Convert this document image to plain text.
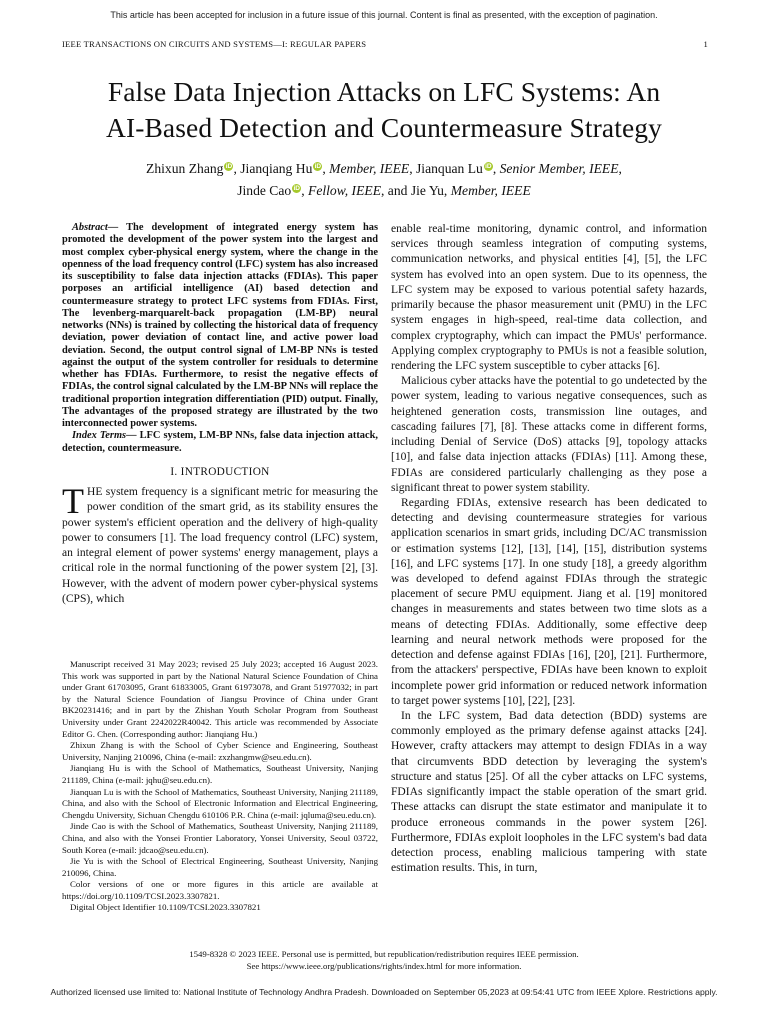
This article has been accepted for inclusion in a future issue of this journal. Content is final as presented, with the exception of pagination.
IEEE TRANSACTIONS ON CIRCUITS AND SYSTEMS—I: REGULAR PAPERS	1
False Data Injection Attacks on LFC Systems: An
AI-Based Detection and Countermeasure Strategy
Zhixun Zhang iD, Jianqiang Hu iD, Member, IEEE, Jianquan Lu iD, Senior Member, IEEE,
Jinde Cao iD, Fellow, IEEE, and Jie Yu, Member, IEEE

Abstract— The development of integrated energy system has promoted the development of the power system into the largest and most complex cyber-physical energy system, where the change in the openness of the load frequency control (LFC) system has also increased its susceptibility to false data injection attacks (FDIAs). This paper porposes an artificial intelligence (AI) based detection and countermeasure strategy to protect LFC systems from FDIAs. First, The levenberg-marquarelt-back propagation (LM-BP) neural networks (NNs) is trained by collecting the historical data of frequency deviation, power deviation of contact line, and active power load deviation. Second, the output control signal of LM-BP NNs is tested against the output of the system controller for residuals to determine whether has FDIAs. Furthermore, to resist the negative effects of FDIAs, the control signal calculated by the LM-BP NNs will replace the traditional proportion integration differentiation (PID) output. Finally, The advantages of the proposed strategy are illustrated by the two interconnected power systems.

Index Terms— LFC system, LM-BP NNs, false data injection attack, detection, countermeasure.

I. INTRODUCTION

THE system frequency is a significant metric for measuring the power condition of the smart grid, as its stability ensures the power system's efficient operation and the delivery of high-quality power to consumers [1]. The load frequency control (LFC) system, an integral element of power systems' energy management, plays a critical role in the normal functioning of the power system [2], [3]. However, with the advent of modern power cyber-physical systems (CPS), which

Manuscript received 31 May 2023; revised 25 July 2023; accepted 16 August 2023. This work was supported in part by the National Natural Science Foundation of China under Grant 61703095, Grant 61833005, Grant 61973078, and Grant 51977032; in part by the Natural Science Foundation of Jiangsu Province of China under Grant BK20231416; and in part by the Zhishan Youth Scholar Program from Southeast University under Grant 2242022R40042. This article was recommended by Associate Editor G. Chen. (Corresponding author: Jianqiang Hu.)

Zhixun Zhang is with the School of Cyber Science and Engineering, Southeast University, Nanjing 210096, China (e-mail: zxzhangmw@seu.edu.cn).

Jianqiang Hu is with the School of Mathematics, Southeast University, Nanjing 211189, China (e-mail: jqhu@seu.edu.cn).

Jianquan Lu is with the School of Mathematics, Southeast University, Nanjing 211189, China, and also with the School of Electronic Information and Electrical Engineering, Chengdu University, Sichuan Chengdu 610106 P.R. China (e-mail: jqluma@seu.edu.cn).

Jinde Cao is with the School of Mathematics, Southeast University, Nanjing 211189, China, and also with the Yonsei Frontier Laboratory, Yonsei University, Seoul 03722, South Korea (e-mail: jdcao@seu.edu.cn).

Jie Yu is with the School of Electrical Engineering, Southeast University, Nanjing 210096, China.

Color versions of one or more figures in this article are available at https://doi.org/10.1109/TCSI.2023.3307821.

Digital Object Identifier 10.1109/TCSI.2023.3307821

enable real-time monitoring, dynamic control, and information services through seamless integration of computing systems, communication networks, and physical entities [4], [5], the LFC system has evolved into an open system. Due to its openness, the LFC system may be exposed to various potential safety hazards, primarily because the phasor measurement unit (PMU) in the LFC system engages in high-speed, real-time data collection, and complex cryptography, which can impact the PMUs' performance. Applying complex cryptography to PMUs is not a feasible solution, rendering the LFC system susceptible to cyber attacks [6].

Malicious cyber attacks have the potential to go undetected by the power system, leading to various negative consequences, such as heightened generation costs, transmission line outages, and cascading failures [7], [8]. These attacks come in different forms, including Denial of Service (DoS) attacks [9], topology attacks [10], and false data injection attacks (FDIAs) [11]. Among these, FDIAs are considered particularly challenging as they pose a significant threat to power system stability.

Regarding FDIAs, extensive research has been dedicated to detecting and devising countermeasure strategies for various application scenarios in smart grids, including DC/AC transmission or estimation systems [12], [13], [14], [15], distribution systems [16], and LFC systems [17]. In one study [18], a greedy algorithm was developed to defend against FDIAs through the strategic placement of secure PMU equipment. Jiang et al. [19] monitored changes in measurements and states between two time slots as a means of detecting FDIAs. Additionally, some effective deep learning and neural network methods were proposed for the detection and defense against FDIAs [16], [20], [21]. Furthermore, from the attackers' perspective, FDIAs have been known to exploit incomplete power grid information or reduced network information to target power systems [10], [22], [23].

In the LFC system, Bad data detection (BDD) systems are commonly employed as the primary defense against attacks [24]. However, crafty attackers may attempt to design FDIAs in a way that circumvents BDD detection by leveraging the system's structure and status [25]. Of all the cyber attacks on LFC systems, FDIAs significantly impact the stable operation of the smart grid. These attacks can disrupt the state estimator and manipulate it to produce erroneous commands in the power system [26]. Furthermore, FDIAs exploit loopholes in the LFC system's bad data detection process, enabling malicious tampering with state estimation results. This, in turn,

1549-8328 © 2023 IEEE. Personal use is permitted, but republication/redistribution requires IEEE permission.
See https://www.ieee.org/publications/rights/index.html for more information.
Authorized licensed use limited to: National Institute of Technology Andhra Pradesh. Downloaded on September 05,2023 at 09:54:41 UTC from IEEE Xplore. Restrictions apply.
